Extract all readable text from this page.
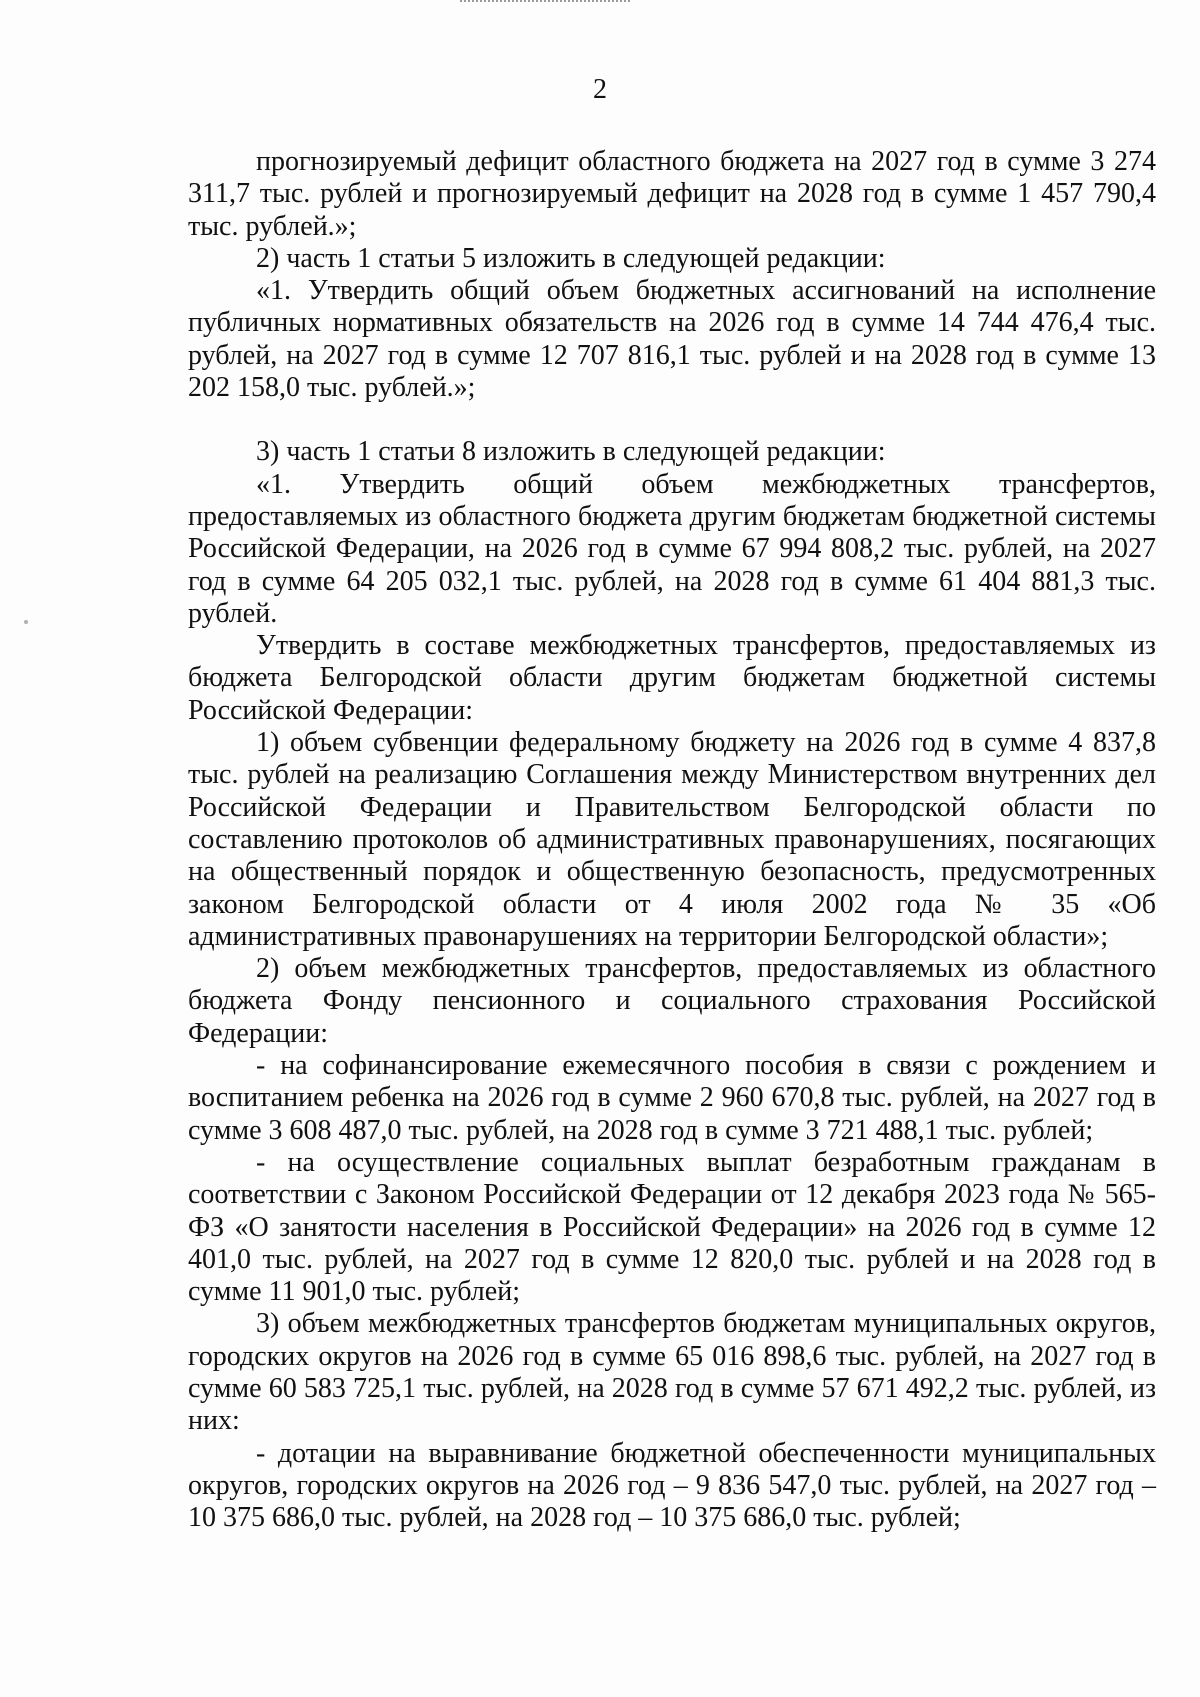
2

прогнозируемый дефицит областного бюджета на 2027 год в сумме 3 274 311,7 тыс. рублей и прогнозируемый дефицит на 2028 год в сумме 1 457 790,4 тыс. рублей.»;

2) часть 1 статьи 5 изложить в следующей редакции:

«1. Утвердить общий объем бюджетных ассигнований на исполнение публичных нормативных обязательств на 2026 год в сумме 14 744 476,4 тыс. рублей, на 2027 год в сумме 12 707 816,1 тыс. рублей и на 2028 год в сумме 13 202 158,0 тыс. рублей.»;

3) часть 1 статьи 8 изложить в следующей редакции:

«1. Утвердить общий объем межбюджетных трансфертов, предоставляемых из областного бюджета другим бюджетам бюджетной системы Российской Федерации, на 2026 год в сумме 67 994 808,2 тыс. рублей, на 2027 год в сумме 64 205 032,1 тыс. рублей, на 2028 год в сумме 61 404 881,3 тыс. рублей.

Утвердить в составе межбюджетных трансфертов, предоставляемых из бюджета Белгородской области другим бюджетам бюджетной системы Российской Федерации:

1) объем субвенции федеральному бюджету на 2026 год в сумме 4 837,8 тыс. рублей на реализацию Соглашения между Министерством внутренних дел Российской Федерации и Правительством Белгородской области по составлению протоколов об административных правонарушениях, посягающих на общественный порядок и общественную безопасность, предусмотренных законом Белгородской области от 4 июля 2002 года № 35 «Об административных правонарушениях на территории Белгородской области»;

2) объем межбюджетных трансфертов, предоставляемых из областного бюджета Фонду пенсионного и социального страхования Российской Федерации:

- на софинансирование ежемесячного пособия в связи с рождением и воспитанием ребенка на 2026 год в сумме 2 960 670,8 тыс. рублей, на 2027 год в сумме 3 608 487,0 тыс. рублей, на 2028 год в сумме 3 721 488,1 тыс. рублей;

- на осуществление социальных выплат безработным гражданам в соответствии с Законом Российской Федерации от 12 декабря 2023 года № 565-ФЗ «О занятости населения в Российской Федерации» на 2026 год в сумме 12 401,0 тыс. рублей, на 2027 год в сумме 12 820,0 тыс. рублей и на 2028 год в сумме 11 901,0 тыс. рублей;

3) объем межбюджетных трансфертов бюджетам муниципальных округов, городских округов на 2026 год в сумме 65 016 898,6 тыс. рублей, на 2027 год в сумме 60 583 725,1 тыс. рублей, на 2028 год в сумме 57 671 492,2 тыс. рублей, из них:

- дотации на выравнивание бюджетной обеспеченности муниципальных округов, городских округов на 2026 год – 9 836 547,0 тыс. рублей, на 2027 год – 10 375 686,0 тыс. рублей, на 2028 год – 10 375 686,0 тыс. рублей;
